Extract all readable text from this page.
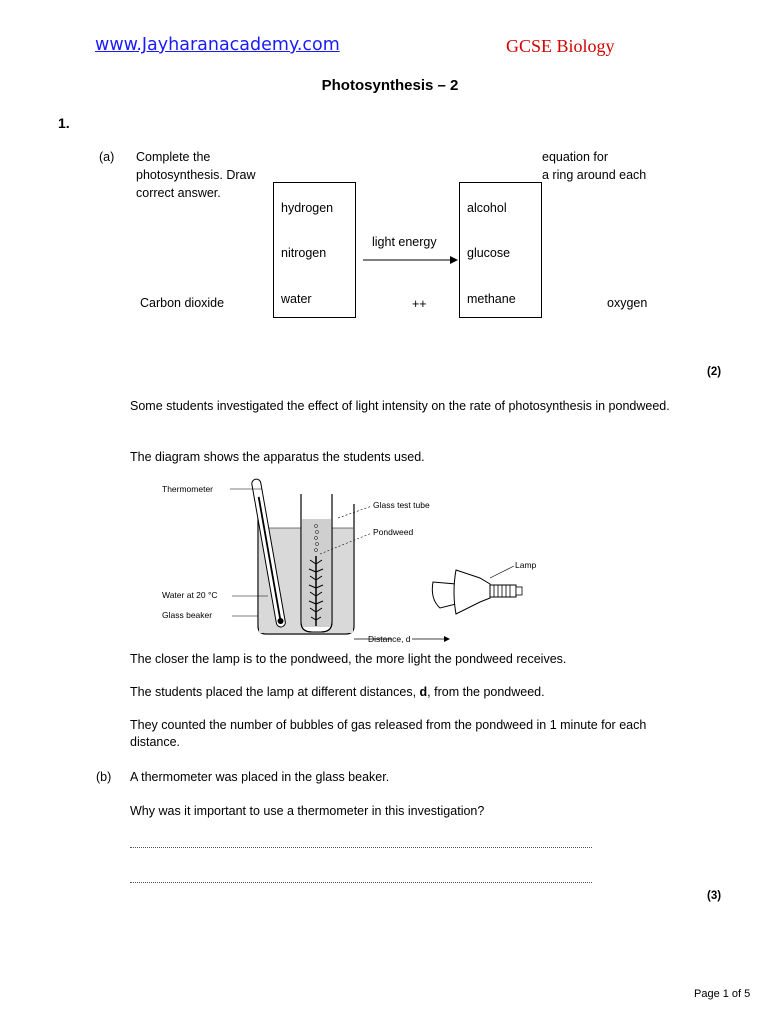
www.Jayharanacademy.com	GCSE Biology
Photosynthesis – 2
1.
(a) Complete the
photosynthesis. Draw
correct answer.
equation for
a ring around each
hydrogen
nitrogen
water
light energy
alcohol
glucose
methane
Carbon dioxide	++	oxygen
(2)
Some students investigated the effect of light intensity on the rate of photosynthesis in pondweed.
The diagram shows the apparatus the students used.
Thermometer
Glass test tube
Pondweed
Lamp
Water at 20 °C
Glass beaker
Distance, d
The closer the lamp is to the pondweed, the more light the pondweed receives.
The students placed the lamp at different distances, d, from the pondweed.
They counted the number of bubbles of gas released from the pondweed in 1 minute for each distance.
(b) A thermometer was placed in the glass beaker.
Why was it important to use a thermometer in this investigation?
(3)
Page 1 of 5
